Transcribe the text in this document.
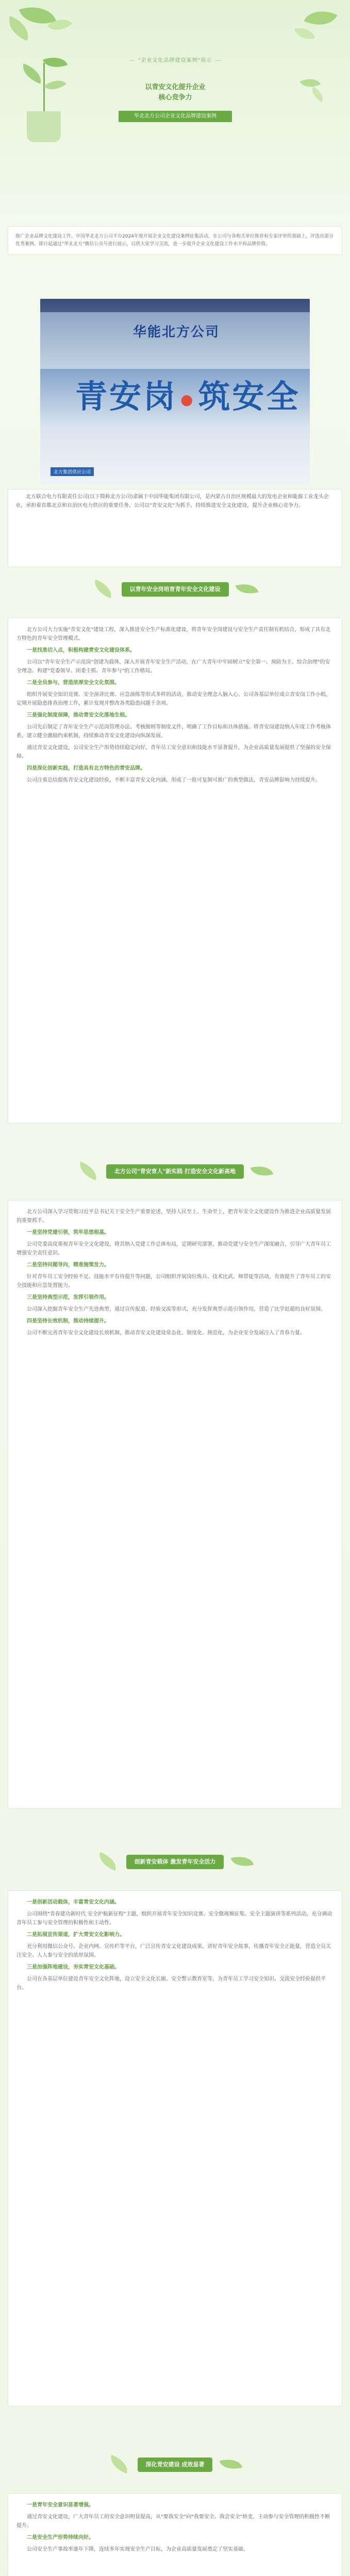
— "企业文化品牌建设案例"展示 —
以青安文化提升企业
核心竞争力
华北北方公司企业文化品牌建设案例

推广企业品牌文化建设工作，中国华北北方公司平台2024年度开展企业文化建设案例征集活动，在公司与各相关单位推荐和专家评审的基础上，评选出部分优秀案例。即日起通过"华北北方"微信公众号进行展示，以供大家学习交流，进一步提升企业文化建设工作水平和品牌价值。

华能北方公司
青安岗 ●筑安全
北方集团供应公司

北方联合电力有限责任公司(以下简称北方公司)隶属于中国华能集团有限公司，是内蒙古自治区规模最大的发电企业和能源工业龙头企业，承担着首都北京和自治区电力供应的重要任务。公司以"青安文化"为抓手，持续推进安全文化建设，提升企业核心竞争力。

以青年安全岗培育青年安全文化建设

北方公司大力实施"青安文化"建设工程，深入推进安全生产标准化建设，将青年安全岗建设与安全生产责任制有机结合，形成了具有北方特色的青年安全管理模式。

一是找准切入点，积极构建青安文化建设体系。

公司以"青年安全生产示范岗"创建为载体，深入开展青年安全生产活动，在广大青年中牢固树立"安全第一、预防为主、综合治理"的安全理念。构建"党委领导、团委主抓、青年参与"的工作格局。

二是全员参与，营造浓厚安全文化氛围。

组织开展安全知识竞赛、安全演讲比赛、应急演练等形式多样的活动，推动安全理念入脑入心。公司各基层单位成立青安岗工作小组，定期开展隐患排查治理工作，累计发现并整改各类隐患问题千余项。

三是强化制度保障，推动青安文化落地生根。

公司先后制定了青年安全生产示范岗管理办法、考核细则等制度文件，明确了工作目标和具体措施。将青安岗建设纳入年度工作考核体系，建立健全激励约束机制，持续推动青安文化建设向纵深发展。

通过青安文化建设，公司安全生产形势持续稳定向好，青年员工安全意识和技能水平显著提升，为企业高质量发展提供了坚强的安全保障。

四是深化创新实践，打造具有北方特色的青安品牌。

公司注重总结提炼青安文化建设经验，不断丰富青安文化内涵，形成了一批可复制可推广的典型做法，青安品牌影响力持续提升。

北方公司"青安育人"新实践 打造安全文化新高地

北方公司深入学习贯彻习近平总书记关于安全生产重要论述，坚持人民至上、生命至上，把青年安全文化建设作为推进企业高质量发展的重要抓手。

一是坚持党建引领，筑牢思想根基。

公司党委高度重视青年安全文化建设，将其纳入党建工作总体布局，定期研究部署，推动党建与安全生产深度融合，引导广大青年员工增强安全责任意识。

二是坚持问题导向，精准施策发力。

针对青年员工安全经验不足、技能水平有待提升等问题，公司组织开展岗位练兵、技术比武、师带徒等活动，有效提升了青年员工的安全技能和应急处置能力。

三是坚持典型示范，发挥引领作用。

公司深入挖掘青年安全生产先进典型，通过宣传报道、经验交流等形式，充分发挥典型示范引领作用，营造了比学赶超的良好氛围。

四是坚持长效机制，推动持续提升。

公司不断完善青年安全文化建设长效机制，推动青安文化建设常态化、制度化、规范化，为企业安全发展注入了青春力量。

创新青安载体 激发青年安全活力

一是创新活动载体，丰富青安文化内涵。

公司围绕"青春建功新时代 安全护航新征程"主题，组织开展青年安全知识竞赛、安全微视频征集、安全主题演讲等系列活动，充分调动青年员工参与安全管理的积极性和主动性。

二是拓展宣传渠道，扩大青安文化影响力。

充分利用微信公众号、企业内网、宣传栏等平台，广泛宣传青安文化建设成果，讲好青年安全故事，传播青年安全正能量，营造全员关注安全、人人参与安全的浓厚氛围。

三是加强阵地建设，夯实青安文化基础。

公司在各基层单位建设青年安全文化阵地，设立安全文化长廊、安全警示教育室等，为青年员工学习安全知识、交流安全经验提供平台。

深化青安建设 成效显著

一是青年安全意识显著增强。

通过青安文化建设，广大青年员工的安全意识明显提高，从"要我安全"向"我要安全、我会安全"转变，主动参与安全管理的积极性不断提升。

二是安全生产形势持续向好。

公司安全生产事故率逐年下降，连续多年实现安全生产目标，为企业高质量发展奠定了坚实基础。
